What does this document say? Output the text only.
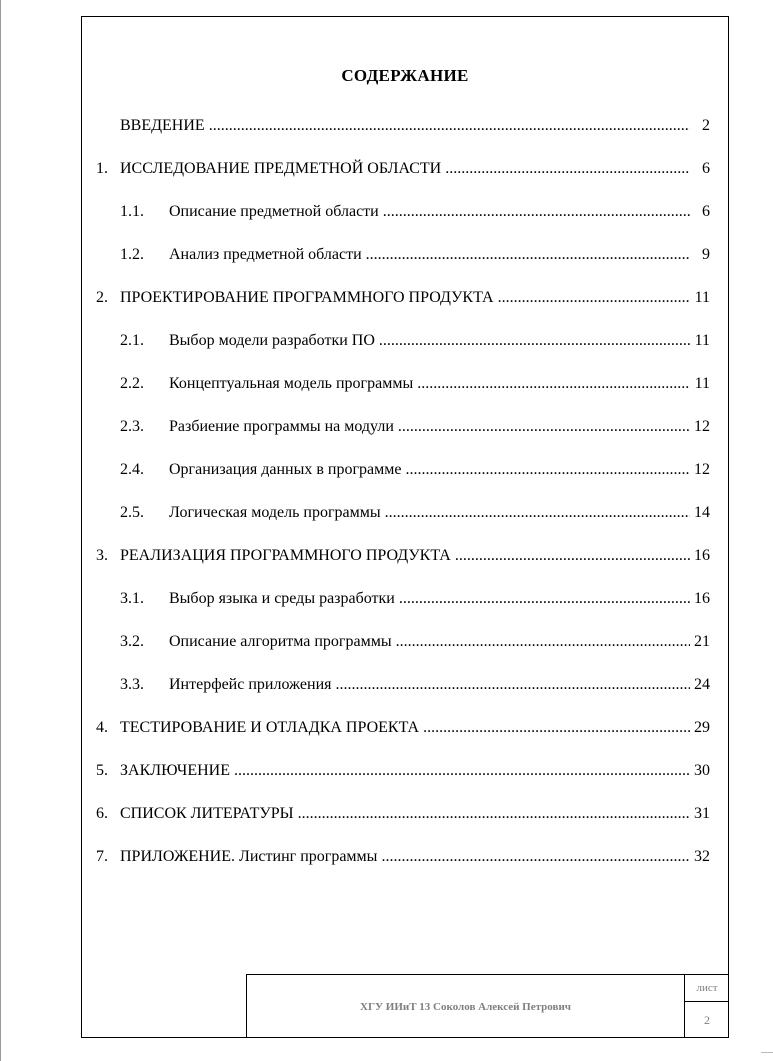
СОДЕРЖАНИЕ
ВВЕДЕНИЕ .....	2
1. ИССЛЕДОВАНИЕ ПРЕДМЕТНОЙ ОБЛАСТИ .....	6
1.1. Описание предметной области .....	6
1.2. Анализ предметной области .....	9
2. ПРОЕКТИРОВАНИЕ ПРОГРАММНОГО ПРОДУКТА .....	11
2.1. Выбор модели разработки ПО .....	11
2.2. Концептуальная модель программы .....	11
2.3. Разбиение программы на модули .....	12
2.4. Организация данных в программе .....	12
2.5. Логическая модель программы .....	14
3. РЕАЛИЗАЦИЯ ПРОГРАММНОГО ПРОДУКТА .....	16
3.1. Выбор языка и среды разработки .....	16
3.2. Описание алгоритма программы .....	21
3.3. Интерфейс приложения .....	24
4. ТЕСТИРОВАНИЕ И ОТЛАДКА ПРОЕКТА .....	29
5. ЗАКЛЮЧЕНИЕ .....	30
6. СПИСОК ЛИТЕРАТУРЫ .....	31
7. ПРИЛОЖЕНИЕ. Листинг программы .....	32
ХГУ ИИиТ 13 Соколов Алексей Петрович
лист
2
